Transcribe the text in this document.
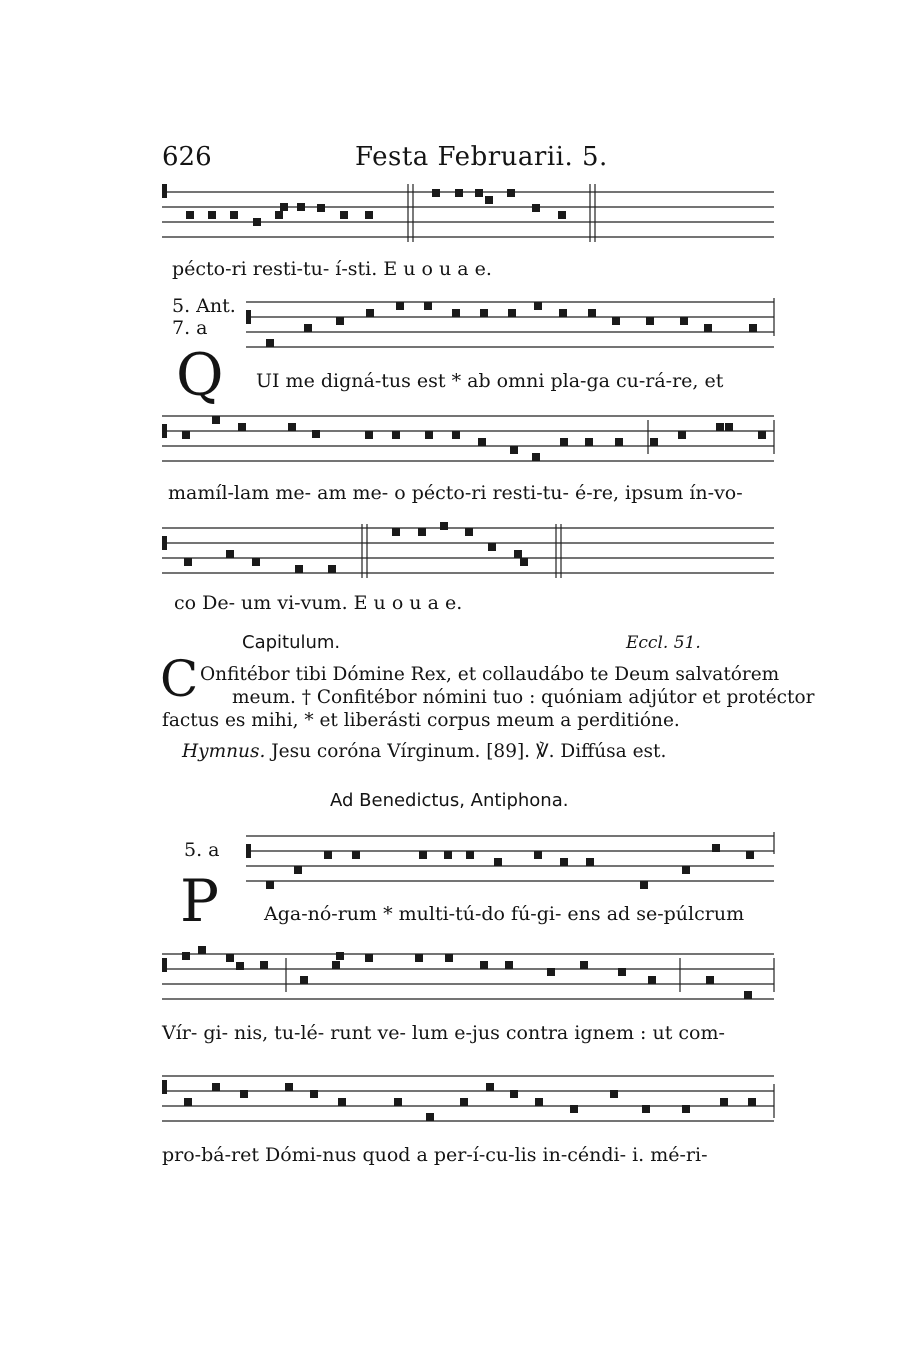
626	Festa Februarii. 5.
pécto-ri resti-tu- í-sti. E u o u a e.
5. Ant.
7. a
Q UI me digná-tus est * ab omni pla-ga cu-rá-re, et
mamíl-lam me- am me- o pécto-ri resti-tu- é-re, ipsum ín-vo-
co De- um vi-vum. E u o u a e.
Capitulum.	Eccl. 51.
C Onfitébor tibi Dómine Rex, et collaudábo te Deum salvatórem
meum. † Confitébor nómini tuo : quóniam adjútor et protéctor
factus es mihi, * et liberásti corpus meum a perditióne.
Hymnus. Jesu coróna Vírginum. [89]. ℣. Diffúsa est.
Ad Benedictus, Antiphona.
5. a
P Aga-nó-rum * multi-tú-do fú-gi- ens ad se-púlcrum
Vír- gi- nis, tu-lé- runt ve- lum e-jus contra ignem : ut com-
pro-bá-ret Dómi-nus quod a per-í-cu-lis in-céndi- i. mé-ri-
